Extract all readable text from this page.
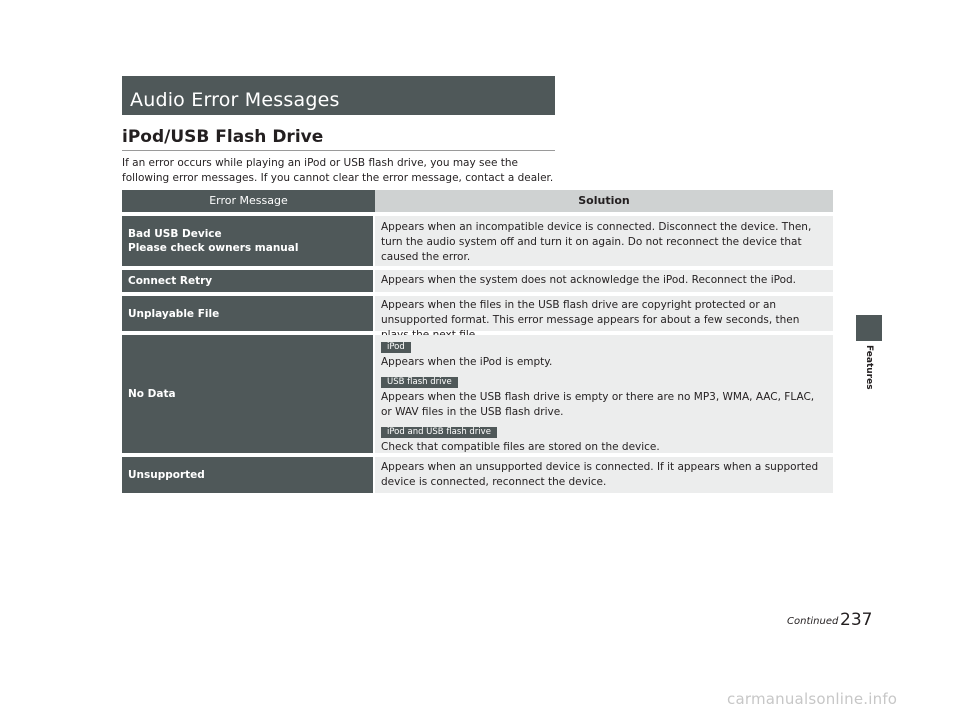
Audio Error Messages
iPod/USB Flash Drive
If an error occurs while playing an iPod or USB flash drive, you may see the following error messages. If you cannot clear the error message, contact a dealer.
Error Message	Solution
Bad USB Device
Please check owners manual
Appears when an incompatible device is connected. Disconnect the device. Then, turn the audio system off and turn it on again. Do not reconnect the device that caused the error.
Connect Retry	Appears when the system does not acknowledge the iPod. Reconnect the iPod.
Unplayable File
Appears when the files in the USB flash drive are copyright protected or an unsupported format. This error message appears for about a few seconds, then
No Data
iPod
Appears when the iPod is empty.
USB flash drive
Appears when the USB flash drive is empty or there are no MP3, WMA, AAC, FLAC, or WAV files in the USB flash drive.
iPod and USB flash drive
Check that compatible files are stored on the device.
Unsupported
Appears when an unsupported device is connected. If it appears when a supported device is connected, reconnect the device.
Features
Continued 237
carmanualsonline.info
